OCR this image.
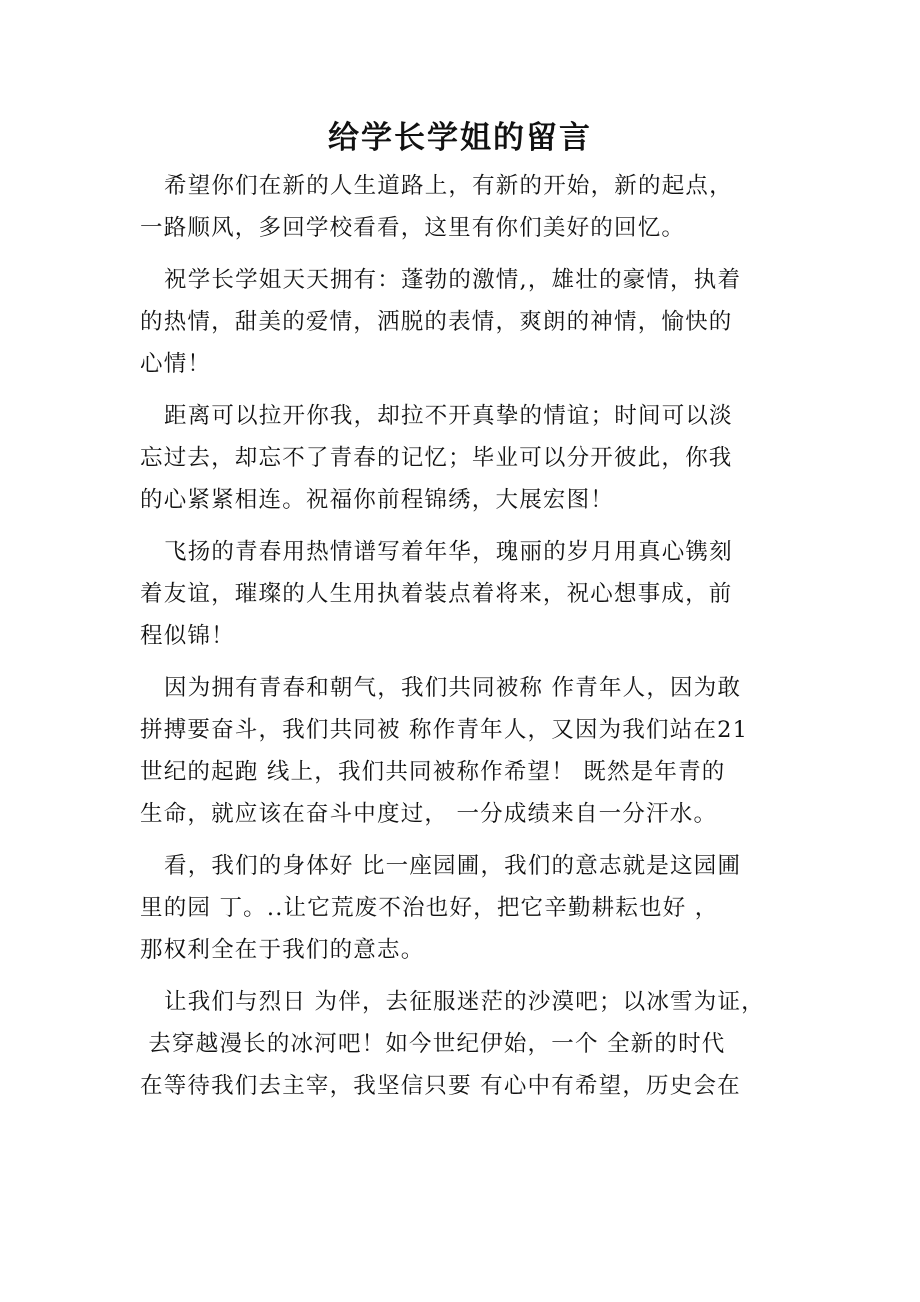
给学长学姐的留言
希望你们在新的人生道路上，有新的开始，新的起点，
一路顺风，多回学校看看，这里有你们美好的回忆。
祝学长学姐天天拥有：蓬勃的激情,，雄壮的豪情，执着
的热情，甜美的爱情，洒脱的表情，爽朗的神情，愉快的
心情！
距离可以拉开你我，却拉不开真挚的情谊；时间可以淡
忘过去，却忘不了青春的记忆；毕业可以分开彼此，你我
的心紧紧相连。祝福你前程锦绣，大展宏图！
飞扬的青春用热情谱写着年华，瑰丽的岁月用真心镌刻
着友谊，璀璨的人生用执着装点着将来，祝心想事成，前
程似锦！
因为拥有青春和朝气，我们共同被称 作青年人，因为敢
拼搏要奋斗，我们共同被 称作青年人，又因为我们站在21
世纪的起跑 线上，我们共同被称作希望！ 既然是年青的
生命，就应该在奋斗中度过， 一分成绩来自一分汗水。
看，我们的身体好 比一座园圃，我们的意志就是这园圃
里的园 丁。..让它荒废不治也好，把它辛勤耕耘也好 ，
那权利全在于我们的意志。
让我们与烈日 为伴，去征服迷茫的沙漠吧；以冰雪为证，
去穿越漫长的冰河吧！如今世纪伊始，一个 全新的时代
在等待我们去主宰，我坚信只要 有心中有希望，历史会在
